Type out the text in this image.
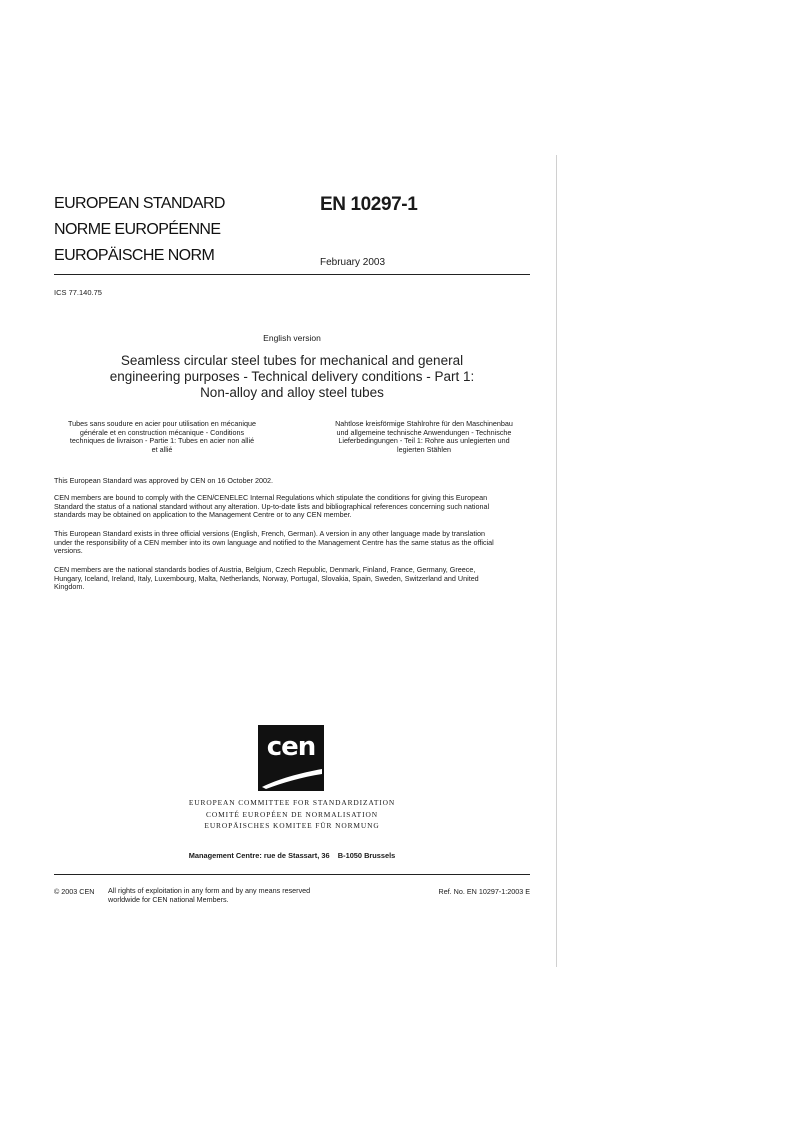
EUROPEAN STANDARD
NORME EUROPÉENNE
EUROPÄISCHE NORM
EN 10297-1
February 2003
ICS 77.140.75
English version
Seamless circular steel tubes for mechanical and general
engineering purposes - Technical delivery conditions - Part 1:
Non-alloy and alloy steel tubes
Tubes sans soudure en acier pour utilisation en mécanique
générale et en construction mécanique - Conditions
techniques de livraison - Partie 1: Tubes en acier non allié
et allié
Nahtlose kreisförmige Stahlrohre für den Maschinenbau
und allgemeine technische Anwendungen - Technische
Lieferbedingungen - Teil 1: Rohre aus unlegierten und
legierten Stählen
This European Standard was approved by CEN on 16 October 2002.
CEN members are bound to comply with the CEN/CENELEC Internal Regulations which stipulate the conditions for giving this European
Standard the status of a national standard without any alteration. Up-to-date lists and bibliographical references concerning such national
standards may be obtained on application to the Management Centre or to any CEN member.
This European Standard exists in three official versions (English, French, German). A version in any other language made by translation
under the responsibility of a CEN member into its own language and notified to the Management Centre has the same status as the official
versions.
CEN members are the national standards bodies of Austria, Belgium, Czech Republic, Denmark, Finland, France, Germany, Greece,
Hungary, Iceland, Ireland, Italy, Luxembourg, Malta, Netherlands, Norway, Portugal, Slovakia, Spain, Sweden, Switzerland and United
Kingdom.
cen
EUROPEAN COMMITTEE FOR STANDARDIZATION
COMITÉ EUROPÉEN DE NORMALISATION
EUROPÄISCHES KOMITEE FÜR NORMUNG
Management Centre: rue de Stassart, 36    B-1050 Brussels
© 2003 CEN All rights of exploitation in any form and by any means reserved
worldwide for CEN national Members.
Ref. No. EN 10297-1:2003 E
